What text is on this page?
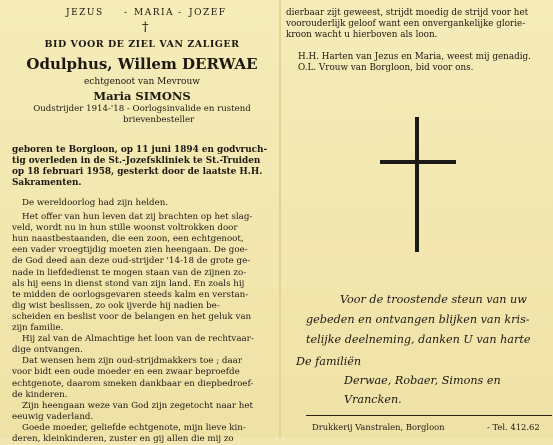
JEZUS - MARIA - JOZEF
†
BID VOOR DE ZIEL VAN ZALIGER
Odulphus, Willem DERWAE
echtgenoot van Mevrouw
Maria SIMONS
Oudstrijder 1914-'18 - Oorlogsinvalide en rustend
brievenbesteller
geboren te Borgloon, op 11 juni 1894 en godvruch-
tig overleden in de St.-Jozefskliniek te St.-Truiden
op 18 februari 1958, gesterkt door de laatste H.H.
Sakramenten.
De wereldoorlog had zijn helden.
Het offer van hun leven dat zij brachten op het slag-
veld, wordt nu in hun stille woonst voltrokken door
hun naastbestaanden, die een zoon, een echtgenoot,
een vader vroegtijdig moeten zien heengaan. De goe-
de God deed aan deze oud-strijder '14-18 de grote ge-
nade in liefdedienst te mogen staan van de zijnen zo-
als hij eens in dienst stond van zijn land. En zoals hij
te midden de oorlogsgevaren steeds kalm en verstan-
dig wist beslissen, zo ook ijverde hij nadien be-
scheiden en beslist voor de belangen en het geluk van
zijn familie.
Hij zal van de Almachtige het loon van de rechtvaar-
dige ontvangen.
Dat wensen hem zijn oud-strijdmakkers toe ; daar
voor bidt een oude moeder en een zwaar beproefde
echtgenote, daarom smeken dankbaar en diepbedroef-
de kinderen.
Zijn heengaan weze van God zijn zegetocht naar het
eeuwig vaderland.
Goede moeder, geliefde echtgenote, mijn lieve kin-
deren, kleinkinderen, zuster en gij allen die mij zo
dierbaar zijt geweest, strijdt moedig de strijd voor het
voorouderlijk geloof want een onvergankelijke glorie-
kroon wacht u hierboven als loon.
H.H. Harten van Jezus en Maria, weest mij genadig.
O.L. Vrouw van Borgloon, bid voor ons.
Voor de troostende steun van uw
gebeden en ontvangen blijken van kris-
telijke deelneming, danken U van harte
De familiën
Derwae, Robaer, Simons en
Vrancken.
Drukkerij Vanstralen, Borgloon	- Tel. 412.62
